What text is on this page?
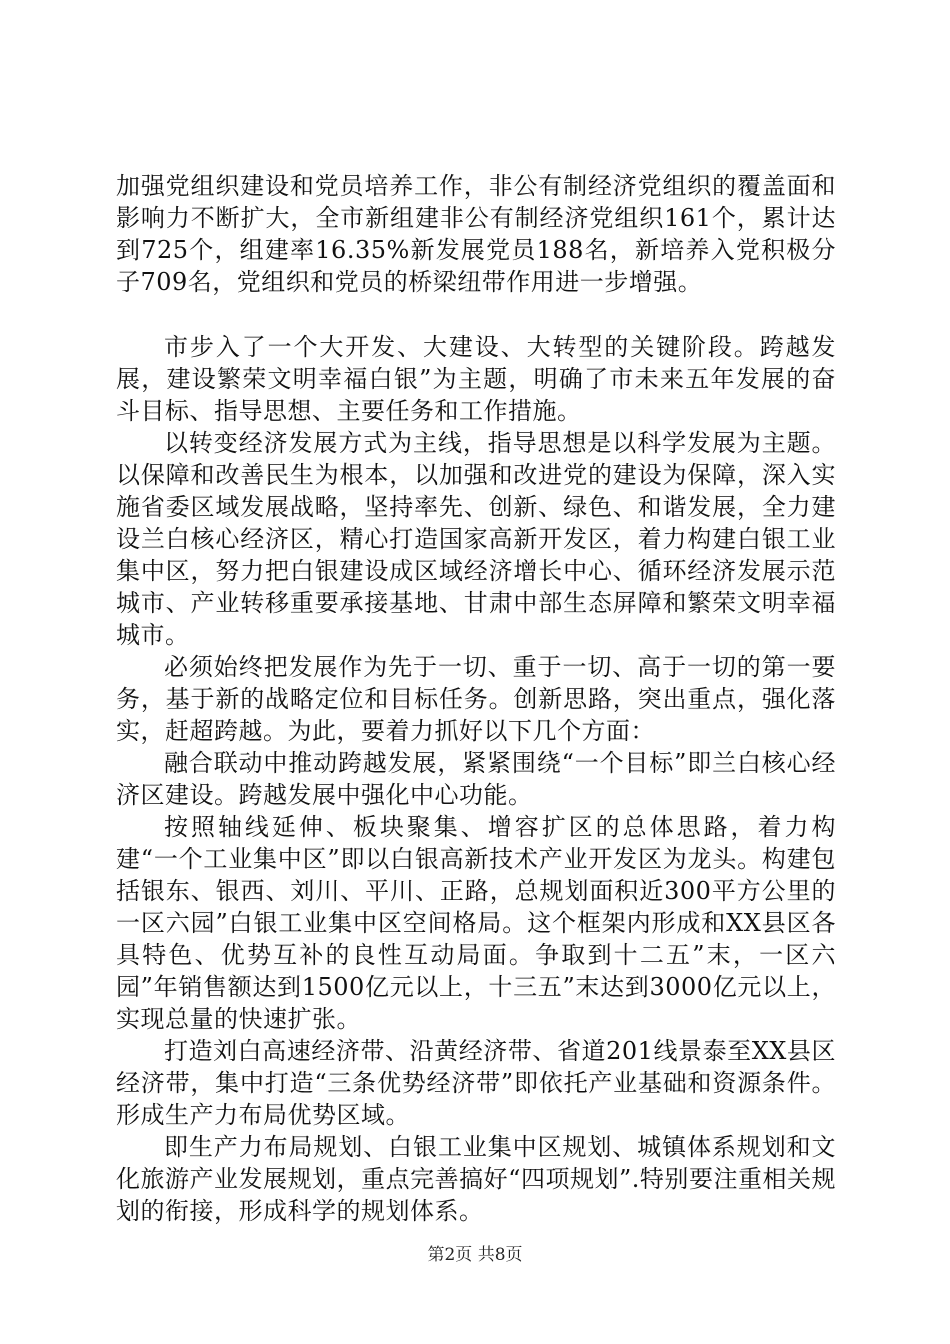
加强党组织建设和党员培养工作，非公有制经济党组织的覆盖面和影响力不断扩大，全市新组建非公有制经济党组织161个，累计达到725个，组建率16.35%新发展党员188名，新培养入党积极分子709名，党组织和党员的桥梁纽带作用进一步增强。

市步入了一个大开发、大建设、大转型的关键阶段。跨越发展，建设繁荣文明幸福白银”为主题，明确了市未来五年发展的奋斗目标、指导思想、主要任务和工作措施。

以转变经济发展方式为主线，指导思想是以科学发展为主题。以保障和改善民生为根本，以加强和改进党的建设为保障，深入实施省委区域发展战略，坚持率先、创新、绿色、和谐发展，全力建设兰白核心经济区，精心打造国家高新开发区，着力构建白银工业集中区，努力把白银建设成区域经济增长中心、循环经济发展示范城市、产业转移重要承接基地、甘肃中部生态屏障和繁荣文明幸福城市。

必须始终把发展作为先于一切、重于一切、高于一切的第一要务，基于新的战略定位和目标任务。创新思路，突出重点，强化落实，赶超跨越。为此，要着力抓好以下几个方面：

融合联动中推动跨越发展，紧紧围绕“一个目标”即兰白核心经济区建设。跨越发展中强化中心功能。

按照轴线延伸、板块聚集、增容扩区的总体思路，着力构建“一个工业集中区”即以白银高新技术产业开发区为龙头。构建包括银东、银西、刘川、平川、正路，总规划面积近300平方公里的一区六园”白银工业集中区空间格局。这个框架内形成和XX县区各具特色、优势互补的良性互动局面。争取到十二五”末，一区六园”年销售额达到1500亿元以上，十三五”末达到3000亿元以上，实现总量的快速扩张。

打造刘白高速经济带、沿黄经济带、省道201线景泰至XX县区经济带，集中打造“三条优势经济带”即依托产业基础和资源条件。形成生产力布局优势区域。

即生产力布局规划、白银工业集中区规划、城镇体系规划和文化旅游产业发展规划，重点完善搞好“四项规划”.特别要注重相关规划的衔接，形成科学的规划体系。

第2页 共8页
